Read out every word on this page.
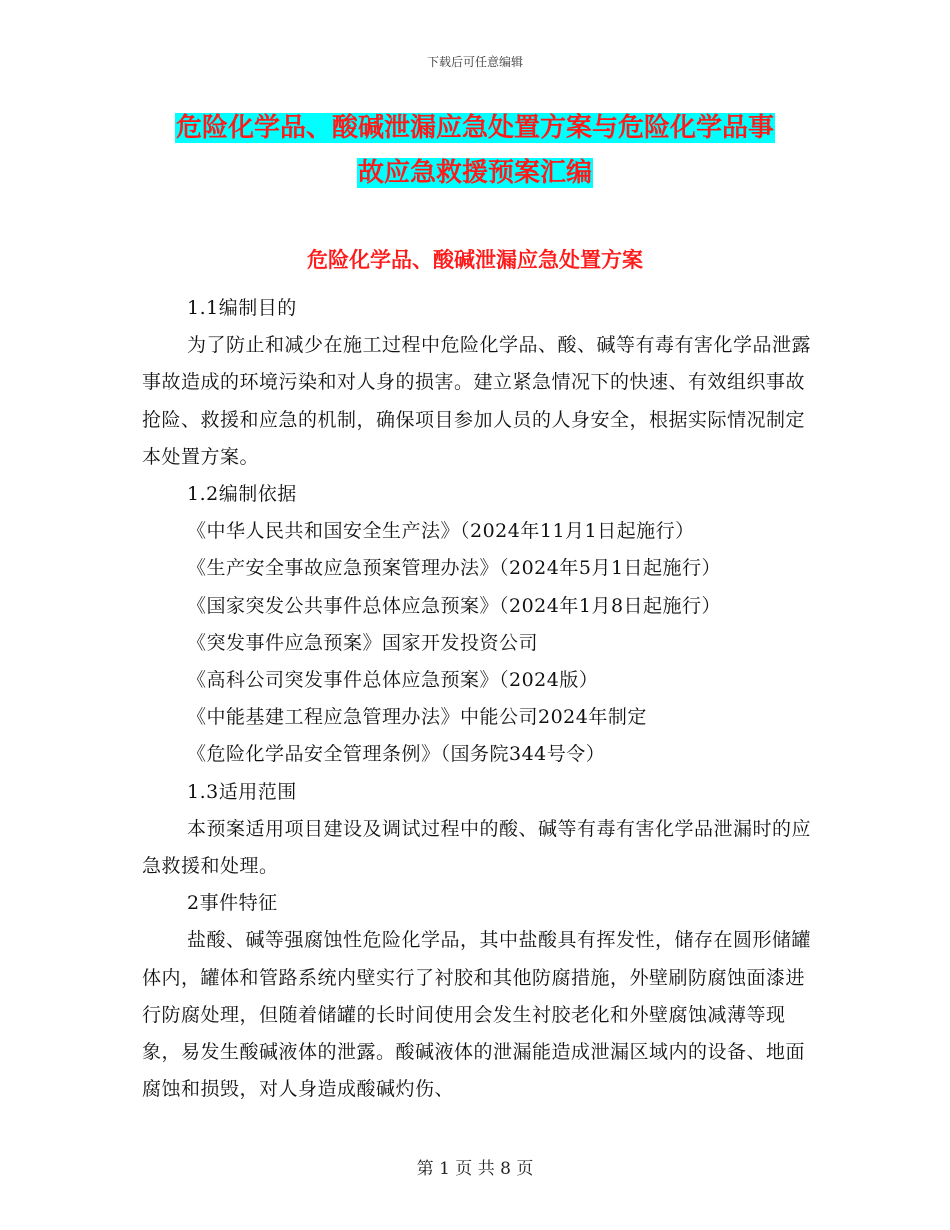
下载后可任意编辑
危险化学品、酸碱泄漏应急处置方案与危险化学品事
故应急救援预案汇编
危险化学品、酸碱泄漏应急处置方案

1.1编制目的

为了防止和减少在施工过程中危险化学品、酸、碱等有毒有害化学品泄露事故造成的环境污染和对人身的损害。建立紧急情况下的快速、有效组织事故抢险、救援和应急的机制，确保项目参加人员的人身安全，根据实际情况制定本处置方案。

1.2编制依据

《中华人民共和国安全生产法》（2024年11月1日起施行）

《生产安全事故应急预案管理办法》（2024年5月1日起施行）

《国家突发公共事件总体应急预案》（2024年1月8日起施行）

《突发事件应急预案》国家开发投资公司

《高科公司突发事件总体应急预案》（2024版）

《中能基建工程应急管理办法》中能公司2024年制定

《危险化学品安全管理条例》（国务院344号令）

1.3适用范围

本预案适用项目建设及调试过程中的酸、碱等有毒有害化学品泄漏时的应急救援和处理。

2事件特征

盐酸、碱等强腐蚀性危险化学品，其中盐酸具有挥发性，储存在圆形储罐体内，罐体和管路系统内壁实行了衬胶和其他防腐措施，外壁刷防腐蚀面漆进行防腐处理，但随着储罐的长时间使用会发生衬胶老化和外壁腐蚀减薄等现象，易发生酸碱液体的泄露。酸碱液体的泄漏能造成泄漏区域内的设备、地面腐蚀和损毁，对人身造成酸碱灼伤、

第 1 页 共 8 页
